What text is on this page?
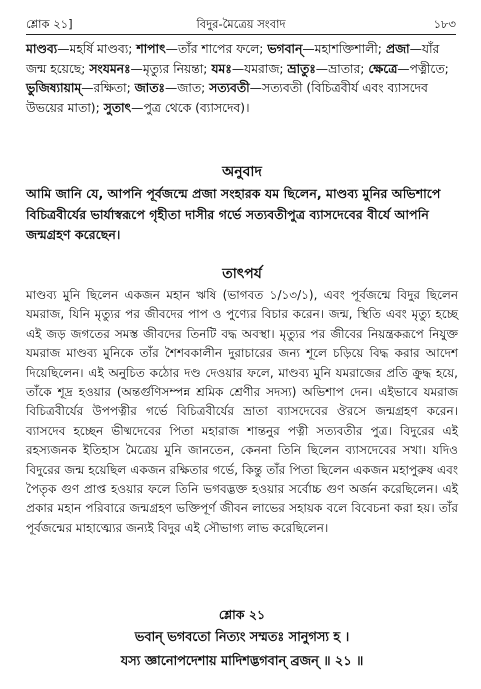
শ্লোক ২১]	বিদুর-মৈত্রেয় সংবাদ	১৮৩
মাণ্ডব্য—মহর্ষি মাণ্ডব্য; শাপাৎ—তাঁর শাপের ফলে; ভগবান্—মহাশক্তিশালী; প্রজা—যাঁর জন্ম হয়েছে; সংযমনঃ—মৃত্যুর নিয়ন্তা; যমঃ—যমরাজ; ভ্রাতুঃ—ভ্রাতার; ক্ষেত্রে—পত্নীতে; ভুজিষ্যায়াম্—রক্ষিতা; জাতঃ—জাত; সত্যবতী—সত্যবতী (বিচিত্রবীর্য এবং ব্যাসদেব উভয়ের মাতা); সুতাৎ—পুত্র থেকে (ব্যাসদেব)।
অনুবাদ

আমি জানি যে, আপনি পূর্বজন্মে প্রজা সংহারক যম ছিলেন, মাণ্ডব্য মুনির অভিশাপে বিচিত্রবীর্যের ভার্যাস্বরূপে গৃহীতা দাসীর গর্ভে সত্যবতীপুত্র ব্যাসদেবের বীর্যে আপনি জন্মগ্রহণ করেছেন।

তাৎপর্য

মাণ্ডব্য মুনি ছিলেন একজন মহান ঋষি (ভাগবত ১/১৩/১), এবং পূর্বজন্মে বিদুর ছিলেন যমরাজ, যিনি মৃত্যুর পর জীবদের পাপ ও পুণ্যের বিচার করেন। জন্ম, স্থিতি এবং মৃত্যু হচ্ছে এই জড় জগতের সমস্ত জীবদের তিনটি বদ্ধ অবস্থা। মৃত্যুর পর জীবের নিয়ন্ত্রকরূপে নিযুক্ত যমরাজ মাণ্ডব্য মুনিকে তাঁর শৈশবকালীন দুরাচারের জন্য শূলে চড়িয়ে বিদ্ধ করার আদেশ দিয়েছিলেন। এই অনুচিত কঠোর দণ্ড দেওয়ার ফলে, মাণ্ডব্য মুনি যমরাজের প্রতি ক্রুদ্ধ হয়ে, তাঁকে শূদ্র হওয়ার (অন্তর্গুণিসম্পন্ন শ্রমিক শ্রেণীর সদস্য) অভিশাপ দেন। এইভাবে যমরাজ বিচিত্রবীর্যের উপপত্নীর গর্ভে বিচিত্রবীর্যের ভ্রাতা ব্যাসদেবের ঔরসে জন্মগ্রহণ করেন। ব্যাসদেব হচ্ছেন ভীষ্মদেবের পিতা মহারাজ শান্তনুর পত্নী সত্যবতীর পুত্র। বিদুরের এই রহস্যজনক ইতিহাস মৈত্রেয় মুনি জানতেন, কেননা তিনি ছিলেন ব্যাসদেবের সখা। যদিও বিদুরের জন্ম হয়েছিল একজন রক্ষিতার গর্ভে, কিন্তু তাঁর পিতা ছিলেন একজন মহাপুরুষ এবং পৈতৃক গুণ প্রাপ্ত হওয়ার ফলে তিনি ভগবদ্ভক্ত হওয়ার সর্বোচ্চ গুণ অর্জন করেছিলেন। এই প্রকার মহান পরিবারে জন্মগ্রহণ ভক্তিপূর্ণ জীবন লাভের সহায়ক বলে বিবেচনা করা হয়। তাঁর পূর্বজন্মের মাহাত্ম্যের জন্যই বিদুর এই সৌভাগ্য লাভ করেছিলেন।

শ্লোক ২১
ভবান্ ভগবতো নিত্যং সম্মতঃ সানুগস্য হ ।
যস্য জ্ঞানোপদেশায় মাদিশদ্ভগবান্ ব্রজন্ ॥ ২১ ॥
